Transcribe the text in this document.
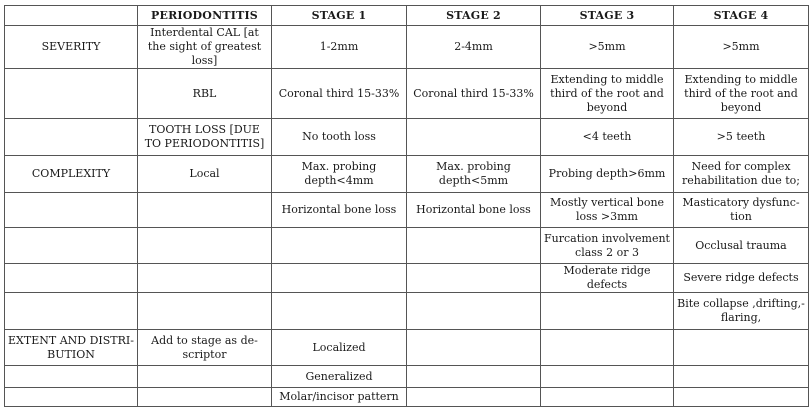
	PERIODONTITIS	STAGE 1	STAGE 2	STAGE 3	STAGE 4
SEVERITY	Interdental CAL [at the sight of greatest loss]	1-2mm	2-4mm	>5mm	>5mm
	RBL	Coronal third 15-33%	Coronal third 15-33%	Extending to middle third of the root and beyond	Extending to middle third of the root and beyond
	TOOTH LOSS [DUE TO PERIODONTITIS]	No tooth loss		<4 teeth	>5 teeth
COMPLEXITY	Local	Max. probing depth<4mm	Max. probing depth<5mm	Probing depth>6mm	Need for complex rehabilitation due to;
		Horizontal bone loss	Horizontal bone loss	Mostly vertical bone loss >3mm	Masticatory dysfunc-tion
				Furcation involvement class 2 or 3	Occlusal trauma
				Moderate ridge defects	Severe ridge defects
					Bite collapse ,drifting,-flaring,
EXTENT AND DISTRI-BUTION	Add to stage as de-scriptor	Localized			
		Generalized			
		Molar/incisor pattern			
